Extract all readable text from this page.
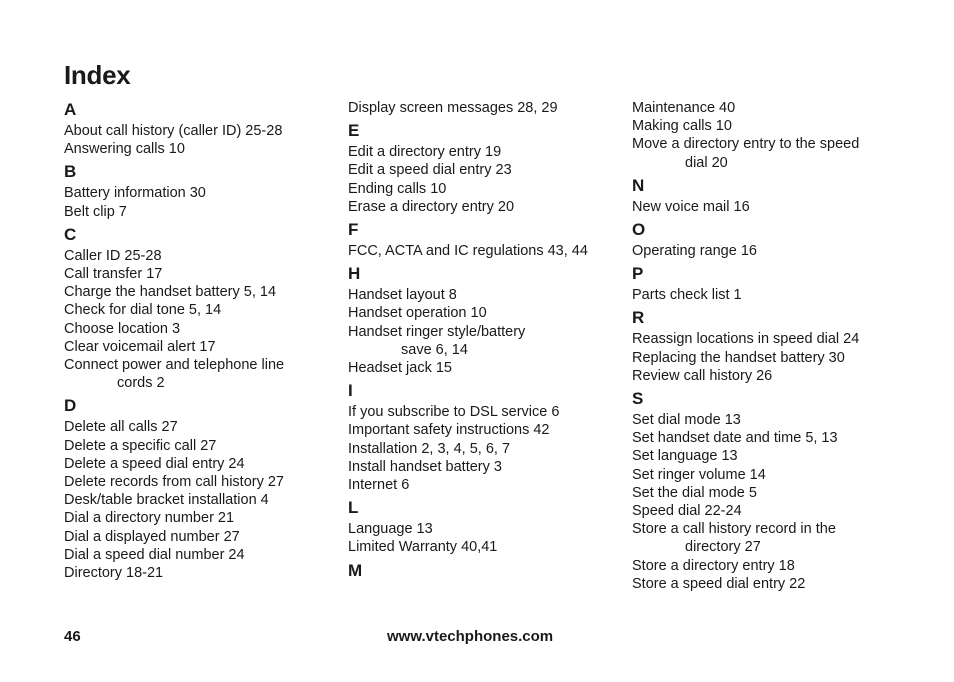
Index
A
About call history (caller ID) 25-28
Answering calls 10
B
Battery information 30
Belt clip 7
C
Caller ID 25-28
Call transfer 17
Charge the handset battery 5, 14
Check for dial tone 5, 14
Choose location 3
Clear voicemail alert 17
Connect power and telephone line
cords 2
D
Delete all calls 27
Delete a specific call 27
Delete a speed dial entry 24
Delete records from call history 27
Desk/table bracket installation 4
Dial a directory number 21
Dial a displayed number 27
Dial a speed dial number 24
Directory 18-21
Display screen messages 28, 29
E
Edit a directory entry 19
Edit a speed dial entry 23
Ending calls 10
Erase a directory entry 20
F
FCC, ACTA and IC regulations 43, 44
H
Handset layout 8
Handset operation 10
Handset ringer style/battery
save 6, 14
Headset jack 15
I
If you subscribe to DSL service 6
Important safety instructions 42
Installation 2, 3, 4, 5, 6, 7
Install handset battery 3
Internet 6
L
Language 13
Limited Warranty 40,41
M
Maintenance 40
Making calls 10
Move a directory entry to the speed
dial 20
N
New voice mail 16
O
Operating range 16
P
Parts check list 1
R
Reassign locations in speed dial 24
Replacing the handset battery 30
Review call history 26
S
Set dial mode 13
Set handset date and time 5, 13
Set language 13
Set ringer volume 14
Set the dial mode 5
Speed dial 22-24
Store a call history record in the
directory 27
Store a directory entry 18
Store a speed dial entry 22
46	www.vtechphones.com
